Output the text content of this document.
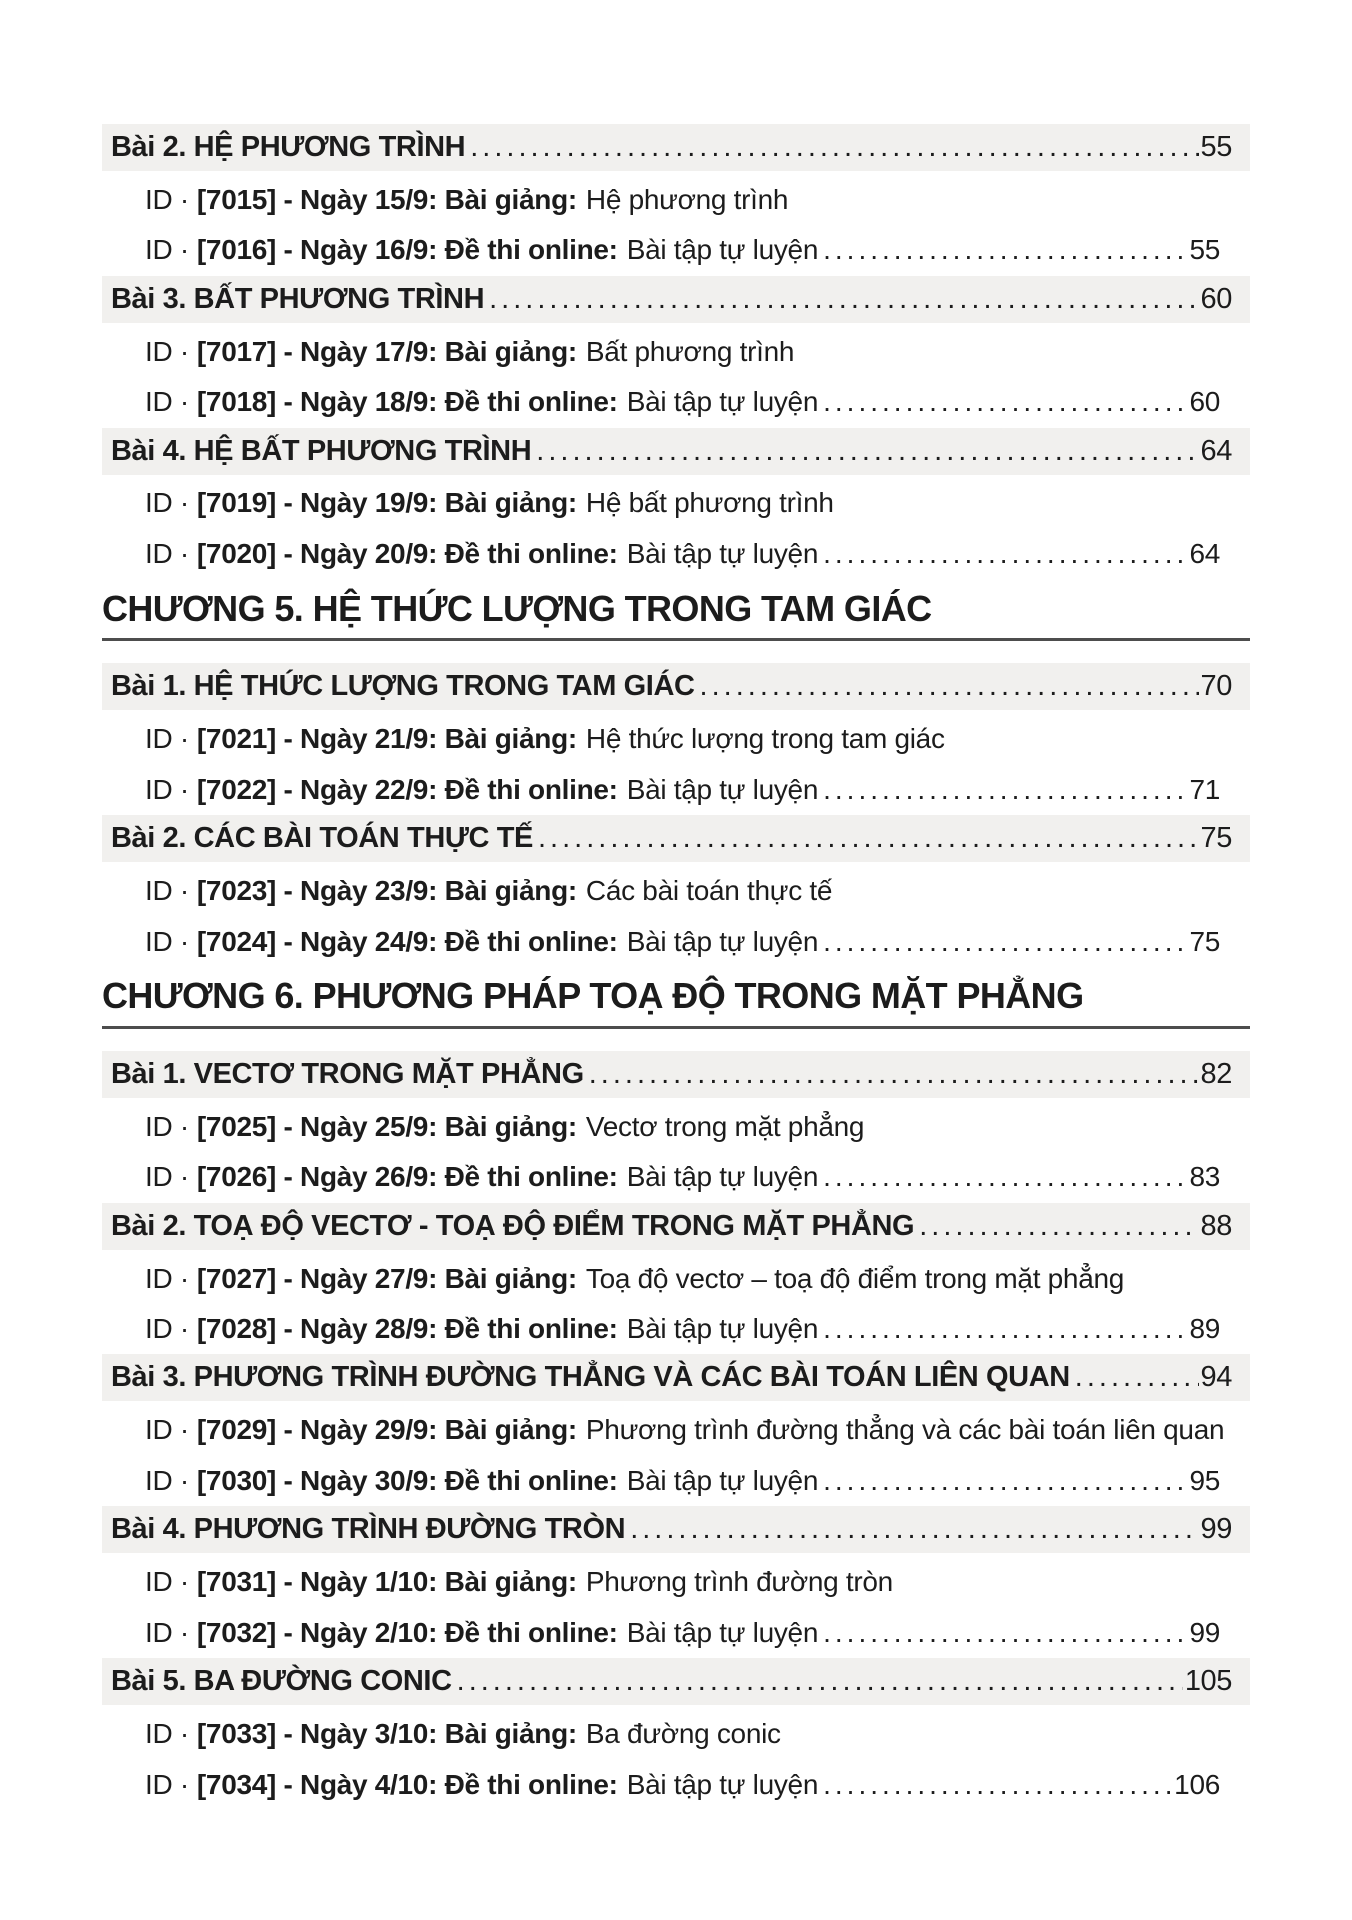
Bài 2. HỆ PHƯƠNG TRÌNH .....	55
ID · [7015] - Ngày 15/9: Bài giảng: Hệ phương trình
ID · [7016] - Ngày 16/9: Đề thi online: Bài tập tự luyện .....	55
Bài 3. BẤT PHƯƠNG TRÌNH .....	60
ID · [7017] - Ngày 17/9: Bài giảng: Bất phương trình
ID · [7018] - Ngày 18/9: Đề thi online: Bài tập tự luyện .....	60
Bài 4. HỆ BẤT PHƯƠNG TRÌNH .....	64
ID · [7019] - Ngày 19/9: Bài giảng: Hệ bất phương trình
ID · [7020] - Ngày 20/9: Đề thi online: Bài tập tự luyện .....	64
CHƯƠNG 5. HỆ THỨC LƯỢNG TRONG TAM GIÁC
Bài 1. HỆ THỨC LƯỢNG TRONG TAM GIÁC .....	70
ID · [7021] - Ngày 21/9: Bài giảng: Hệ thức lượng trong tam giác
ID · [7022] - Ngày 22/9: Đề thi online: Bài tập tự luyện .....	71
Bài 2. CÁC BÀI TOÁN THỰC TẾ .....	75
ID · [7023] - Ngày 23/9: Bài giảng: Các bài toán thực tế
ID · [7024] - Ngày 24/9: Đề thi online: Bài tập tự luyện .....	75
CHƯƠNG 6. PHƯƠNG PHÁP TOẠ ĐỘ TRONG MẶT PHẲNG
Bài 1. VECTƠ TRONG MẶT PHẲNG .....	82
ID · [7025] - Ngày 25/9: Bài giảng: Vectơ trong mặt phẳng
ID · [7026] - Ngày 26/9: Đề thi online: Bài tập tự luyện .....	83
Bài 2. TOẠ ĐỘ VECTƠ - TOẠ ĐỘ ĐIỂM TRONG MẶT PHẲNG .....	88
ID · [7027] - Ngày 27/9: Bài giảng: Toạ độ vectơ – toạ độ điểm trong mặt phẳng
ID · [7028] - Ngày 28/9: Đề thi online: Bài tập tự luyện .....	89
Bài 3. PHƯƠNG TRÌNH ĐƯỜNG THẲNG VÀ CÁC BÀI TOÁN LIÊN QUAN .....	94
ID · [7029] - Ngày 29/9: Bài giảng: Phương trình đường thẳng và các bài toán liên quan
ID · [7030] - Ngày 30/9: Đề thi online: Bài tập tự luyện .....	95
Bài 4. PHƯƠNG TRÌNH ĐƯỜNG TRÒN .....	99
ID · [7031] - Ngày 1/10: Bài giảng: Phương trình đường tròn
ID · [7032] - Ngày 2/10: Đề thi online: Bài tập tự luyện .....	99
Bài 5. BA ĐƯỜNG CONIC .....	105
ID · [7033] - Ngày 3/10: Bài giảng: Ba đường conic
ID · [7034] - Ngày 4/10: Đề thi online: Bài tập tự luyện .....	106
